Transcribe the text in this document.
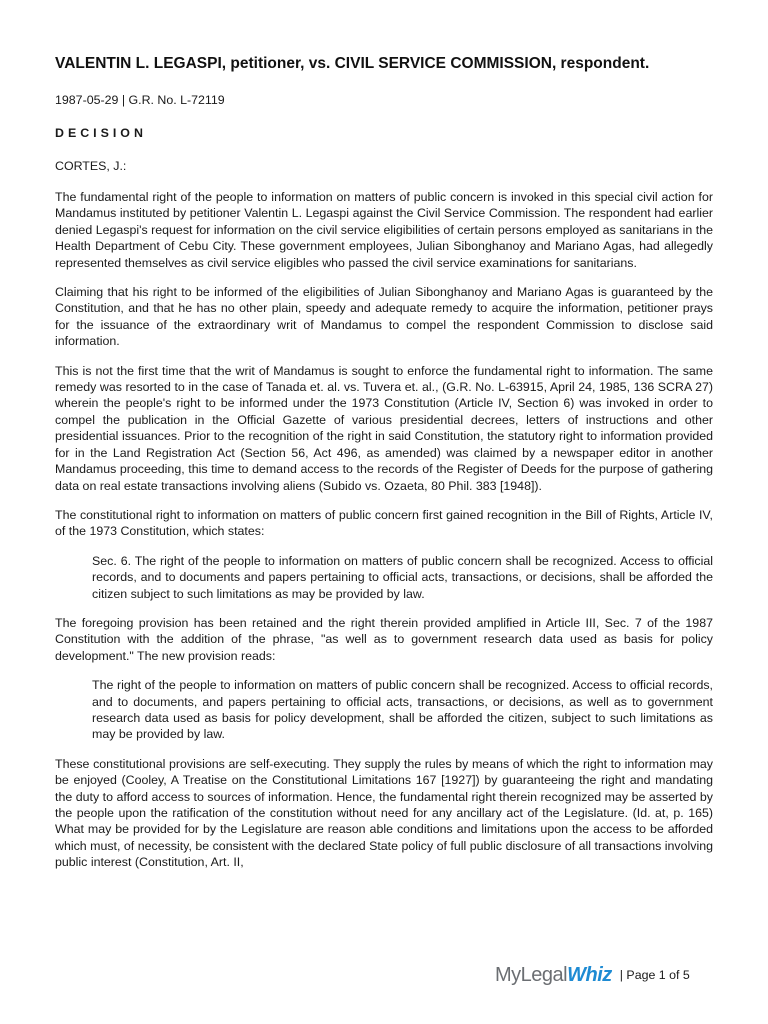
VALENTIN L. LEGASPI, petitioner, vs. CIVIL SERVICE COMMISSION, respondent.
1987-05-29 | G.R. No. L-72119
DECISION
CORTES, J.:

The fundamental right of the people to information on matters of public concern is invoked in this special civil action for Mandamus instituted by petitioner Valentin L. Legaspi against the Civil Service Commission. The respondent had earlier denied Legaspi's request for information on the civil service eligibilities of certain persons employed as sanitarians in the Health Department of Cebu City. These government employees, Julian Sibonghanoy and Mariano Agas, had allegedly represented themselves as civil service eligibles who passed the civil service examinations for sanitarians.

Claiming that his right to be informed of the eligibilities of Julian Sibonghanoy and Mariano Agas is guaranteed by the Constitution, and that he has no other plain, speedy and adequate remedy to acquire the information, petitioner prays for the issuance of the extraordinary writ of Mandamus to compel the respondent Commission to disclose said information.

This is not the first time that the writ of Mandamus is sought to enforce the fundamental right to information. The same remedy was resorted to in the case of Tanada et. al. vs. Tuvera et. al., (G.R. No. L-63915, April 24, 1985, 136 SCRA 27) wherein the people's right to be informed under the 1973 Constitution (Article IV, Section 6) was invoked in order to compel the publication in the Official Gazette of various presidential decrees, letters of instructions and other presidential issuances. Prior to the recognition of the right in said Constitution, the statutory right to information provided for in the Land Registration Act (Section 56, Act 496, as amended) was claimed by a newspaper editor in another Mandamus proceeding, this time to demand access to the records of the Register of Deeds for the purpose of gathering data on real estate transactions involving aliens (Subido vs. Ozaeta, 80 Phil. 383 [1948]).

The constitutional right to information on matters of public concern first gained recognition in the Bill of Rights, Article IV, of the 1973 Constitution, which states:

Sec. 6. The right of the people to information on matters of public concern shall be recognized. Access to official records, and to documents and papers pertaining to official acts, transactions, or decisions, shall be afforded the citizen subject to such limitations as may be provided by law.

The foregoing provision has been retained and the right therein provided amplified in Article III, Sec. 7 of the 1987 Constitution with the addition of the phrase, "as well as to government research data used as basis for policy development." The new provision reads:

The right of the people to information on matters of public concern shall be recognized. Access to official records, and to documents, and papers pertaining to official acts, transactions, or decisions, as well as to government research data used as basis for policy development, shall be afforded the citizen, subject to such limitations as may be provided by law.

These constitutional provisions are self-executing. They supply the rules by means of which the right to information may be enjoyed (Cooley, A Treatise on the Constitutional Limitations 167 [1927]) by guaranteeing the right and mandating the duty to afford access to sources of information. Hence, the fundamental right therein recognized may be asserted by the people upon the ratification of the constitution without need for any ancillary act of the Legislature. (Id. at, p. 165) What may be provided for by the Legislature are reason able conditions and limitations upon the access to be afforded which must, of necessity, be consistent with the declared State policy of full public disclosure of all transactions involving public interest (Constitution, Art. II,

MyLegalWhiz | Page 1 of 5
